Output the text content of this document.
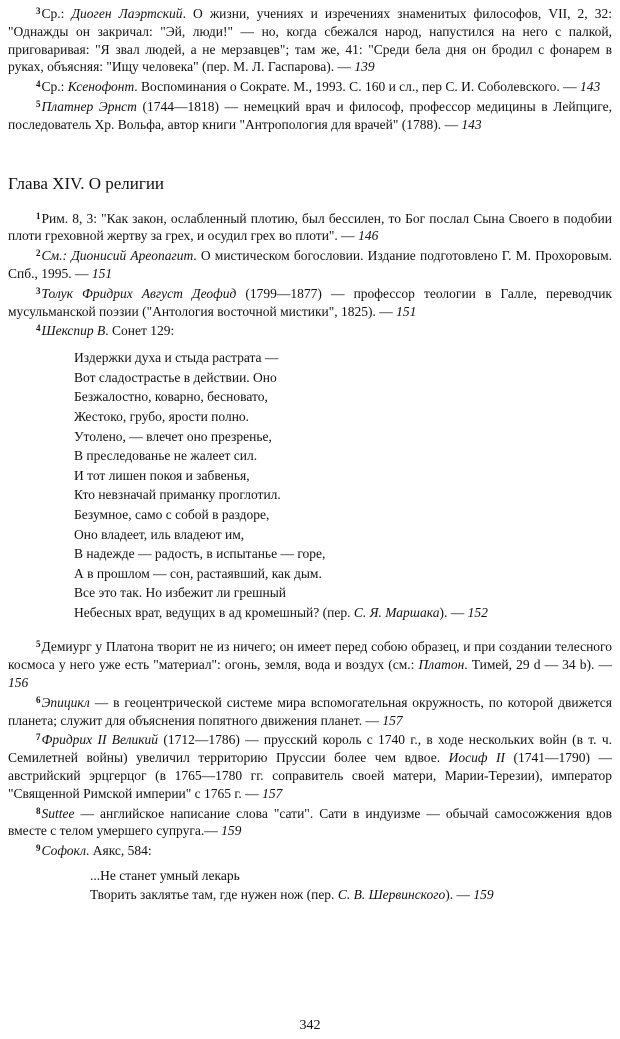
$^3$Ср.: Диоген Лаэртский. О жизни, учениях и изречениях знаменитых философов, VII, 2, 32: "Однажды он закричал: "Эй, люди!" — но, когда сбежался народ, напустился на него с палкой, приговаривая: "Я звал людей, а не мерзавцев"; там же, 41: "Среди бела дня он бродил с фонарем в руках, объясняя: "Ищу человека" (пер. М. Л. Гаспарова). — 139

$^4$Ср.: Ксенофонт. Воспоминания о Сократе. М., 1993. С. 160 и сл., пер С. И. Соболевского. — 143

$^5$Платнер Эрнст (1744—1818) — немецкий врач и философ, профессор медицины в Лейпциге, последователь Хр. Вольфа, автор книги "Антропология для врачей" (1788). — 143

Глава XIV. О религии

$^1$Рим. 8, 3: "Как закон, ослабленный плотию, был бессилен, то Бог послал Сына Своего в подобии плоти греховной жертву за грех, и осудил грех во плоти". — 146

$^2$См.: Дионисий Ареопагит. О мистическом богословии. Издание подготовлено Г. М. Прохоровым. Спб., 1995. — 151

$^3$Толук Фридрих Август Деофид (1799—1877) — профессор теологии в Галле, переводчик мусульманской поэзии ("Антология восточной мистики", 1825). — 151

$^4$Шекспир В. Сонет 129:

Издержки духа и стыда растрата —
Вот сладострастье в действии. Оно
Безжалостно, коварно, бесновато,
Жестоко, грубо, ярости полно.
Утолено, — влечет оно презренье,
В преследованье не жалеет сил.
И тот лишен покоя и забвенья,
Кто невзначай приманку проглотил.
Безумное, само с собой в раздоре,
Оно владеет, иль владеют им,
В надежде — радость, в испытанье — горе,
А в прошлом — сон, растаявший, как дым.
Все это так. Но избежит ли грешный
Небесных врат, ведущих в ад кромешный? (пер. С. Я. Маршака). — 152

$^5$Демиург у Платона творит не из ничего; он имеет перед собою образец, и при создании телесного космоса у него уже есть "материал": огонь, земля, вода и воздух (см.: Платон. Тимей, 29 d — 34 b). — 156

$^6$Эпицикл — в геоцентрической системе мира вспомогательная окружность, по которой движется планета; служит для объяснения попятного движения планет. — 157

$^7$Фридрих II Великий (1712—1786) — прусский король с 1740 г., в ходе нескольких войн (в т. ч. Семилетней войны) увеличил территорию Пруссии более чем вдвое. Иосиф II (1741—1790) — австрийский эрцгерцог (в 1765—1780 гг. соправитель своей матери, Марии-Терезии), император "Священной Римской империи" с 1765 г. — 157

$^8$Suttee — английское написание слова "сати". Сати в индуизме — обычай самосожжения вдов вместе с телом умершего супруга.— 159

$^9$Софокл. Аякс, 584:

...Не станет умный лекарь
Творить заклятье там, где нужен нож (пер. С. В. Шервинского). — 159
342
